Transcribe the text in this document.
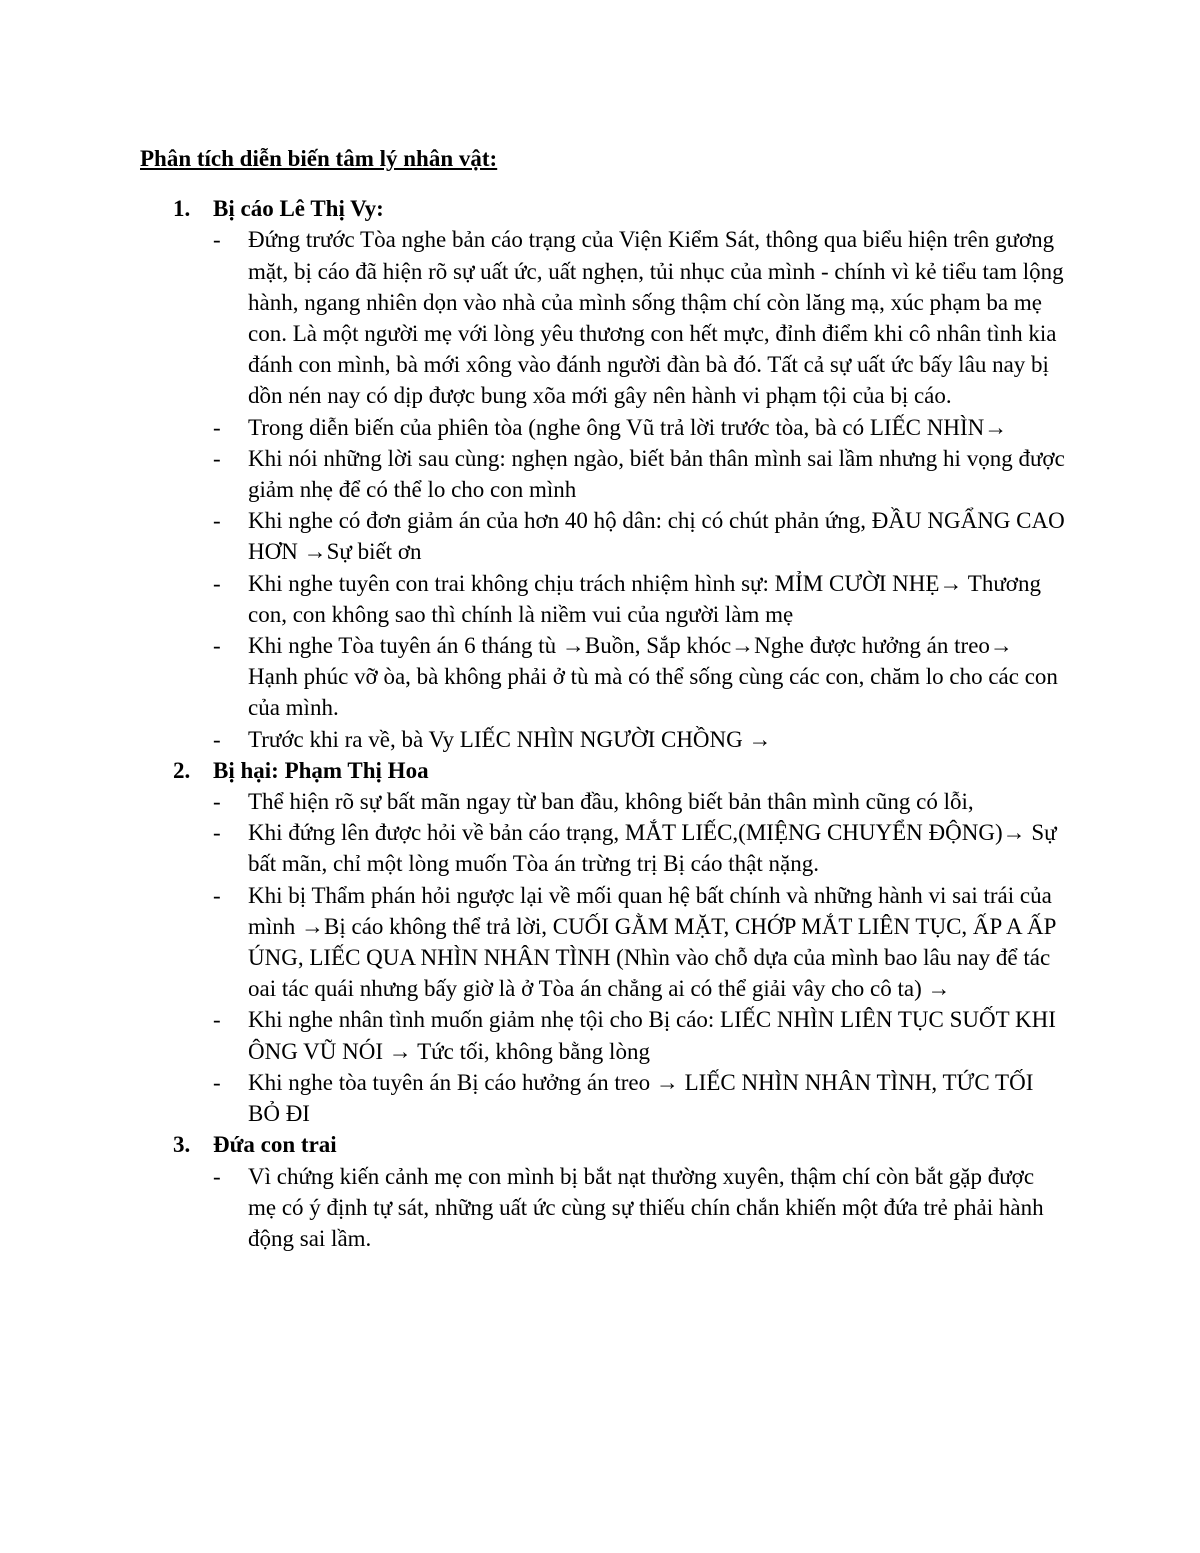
Phân tích diễn biến tâm lý nhân vật:
1. Bị cáo Lê Thị Vy:
- Đứng trước Tòa nghe bản cáo trạng của Viện Kiểm Sát, thông qua biểu hiện trên gương mặt, bị cáo đã hiện rõ sự uất ức, uất nghẹn, tủi nhục của mình - chính vì kẻ tiểu tam lộng hành, ngang nhiên dọn vào nhà của mình sống thậm chí còn lăng mạ, xúc phạm ba mẹ con. Là một người mẹ với lòng yêu thương con hết mực, đỉnh điểm khi cô nhân tình kia đánh con mình, bà mới xông vào đánh người đàn bà đó. Tất cả sự uất ức bấy lâu nay bị dồn nén nay có dịp được bung xõa mới gây nên hành vi phạm tội của bị cáo.
- Trong diễn biến của phiên tòa (nghe ông Vũ trả lời trước tòa, bà có LIẾC NHÌN→
- Khi nói những lời sau cùng: nghẹn ngào, biết bản thân mình sai lầm nhưng hi vọng được giảm nhẹ để có thể lo cho con mình
- Khi nghe có đơn giảm án của hơn 40 hộ dân: chị có chút phản ứng, ĐẦU NGẨNG CAO HƠN →Sự biết ơn
- Khi nghe tuyên con trai không chịu trách nhiệm hình sự: MỈM CƯỜI NHẸ→ Thương con, con không sao thì chính là niềm vui của người làm mẹ
- Khi nghe Tòa tuyên án 6 tháng tù →Buồn, Sắp khóc→Nghe được hưởng án treo→ Hạnh phúc vỡ òa, bà không phải ở tù mà có thể sống cùng các con, chăm lo cho các con của mình.
- Trước khi ra về, bà Vy LIẾC NHÌN NGƯỜI CHỒNG →
2. Bị hại: Phạm Thị Hoa
- Thể hiện rõ sự bất mãn ngay từ ban đầu, không biết bản thân mình cũng có lỗi,
- Khi đứng lên được hỏi về bản cáo trạng, MẮT LIẾC,(MIỆNG CHUYỂN ĐỘNG)→ Sự bất mãn, chỉ một lòng muốn Tòa án trừng trị Bị cáo thật nặng.
- Khi bị Thẩm phán hỏi ngược lại về mối quan hệ bất chính và những hành vi sai trái của mình →Bị cáo không thể trả lời, CUỐI GẰM MẶT, CHỚP MẮT LIÊN TỤC, ẤP A ẤP ÚNG, LIẾC QUA NHÌN NHÂN TÌNH (Nhìn vào chỗ dựa của mình bao lâu nay để tác oai tác quái nhưng bấy giờ là ở Tòa án chẳng ai có thể giải vây cho cô ta) →
- Khi nghe nhân tình muốn giảm nhẹ tội cho Bị cáo: LIẾC NHÌN LIÊN TỤC SUỐT KHI ÔNG VŨ NÓI → Tức tối, không bằng lòng
- Khi nghe tòa tuyên án Bị cáo hưởng án treo → LIẾC NHÌN NHÂN TÌNH, TỨC TỐI BỎ ĐI
3. Đứa con trai
- Vì chứng kiến cảnh mẹ con mình bị bắt nạt thường xuyên, thậm chí còn bắt gặp được mẹ có ý định tự sát, những uất ức cùng sự thiếu chín chắn khiến một đứa trẻ phải hành động sai lầm.
